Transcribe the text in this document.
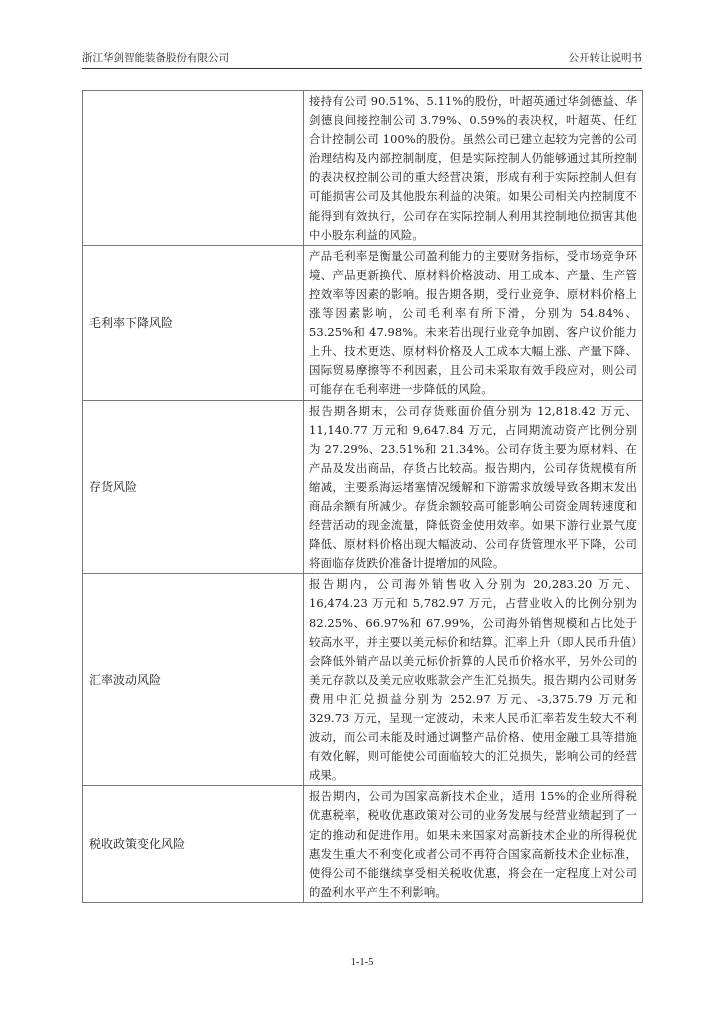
浙江华剑智能装备股份有限公司	公开转让说明书
	接持有公司 90.51%、5.11%的股份，叶超英通过华剑德益、华剑德良间接控制公司 3.79%、0.59%的表决权，叶超英、任红合计控制公司 100%的股份。虽然公司已建立起较为完善的公司治理结构及内部控制制度，但是实际控制人仍能够通过其所控制的表决权控制公司的重大经营决策，形成有利于实际控制人但有可能损害公司及其他股东利益的决策。如果公司相关内控制度不能得到有效执行，公司存在实际控制人利用其控制地位损害其他中小股东利益的风险。
毛利率下降风险	产品毛利率是衡量公司盈利能力的主要财务指标，受市场竞争环境、产品更新换代、原材料价格波动、用工成本、产量、生产管控效率等因素的影响。报告期各期，受行业竞争、原材料价格上涨等因素影响，公司毛利率有所下滑，分别为 54.84%、53.25%和 47.98%。未来若出现行业竞争加剧、客户议价能力上升、技术更迭、原材料价格及人工成本大幅上涨、产量下降、国际贸易摩擦等不利因素，且公司未采取有效手段应对，则公司可能存在毛利率进一步降低的风险。
存货风险	报告期各期末，公司存货账面价值分别为 12,818.42 万元、11,140.77 万元和 9,647.84 万元，占同期流动资产比例分别为 27.29%、23.51%和 21.34%。公司存货主要为原材料、在产品及发出商品，存货占比较高。报告期内，公司存货规模有所缩减，主要系海运堵塞情况缓解和下游需求放缓导致各期末发出商品余额有所减少。存货余额较高可能影响公司资金周转速度和经营活动的现金流量，降低资金使用效率。如果下游行业景气度降低、原材料价格出现大幅波动、公司存货管理水平下降，公司将面临存货跌价准备计提增加的风险。
汇率波动风险	报告期内，公司海外销售收入分别为 20,283.20 万元、16,474.23 万元和 5,782.97 万元，占营业收入的比例分别为 82.25%、66.97%和 67.99%，公司海外销售规模和占比处于较高水平，并主要以美元标价和结算。汇率上升（即人民币升值）会降低外销产品以美元标价折算的人民币价格水平，另外公司的美元存款以及美元应收账款会产生汇兑损失。报告期内公司财务费用中汇兑损益分别为 252.97 万元、-3,375.79 万元和 329.73 万元，呈现一定波动，未来人民币汇率若发生较大不利波动，而公司未能及时通过调整产品价格、使用金融工具等措施有效化解，则可能使公司面临较大的汇兑损失，影响公司的经营成果。
税收政策变化风险	报告期内，公司为国家高新技术企业，适用 15%的企业所得税优惠税率，税收优惠政策对公司的业务发展与经营业绩起到了一定的推动和促进作用。如果未来国家对高新技术企业的所得税优惠发生重大不利变化或者公司不再符合国家高新技术企业标准，使得公司不能继续享受相关税收优惠，将会在一定程度上对公司的盈利水平产生不利影响。
1-1-5
